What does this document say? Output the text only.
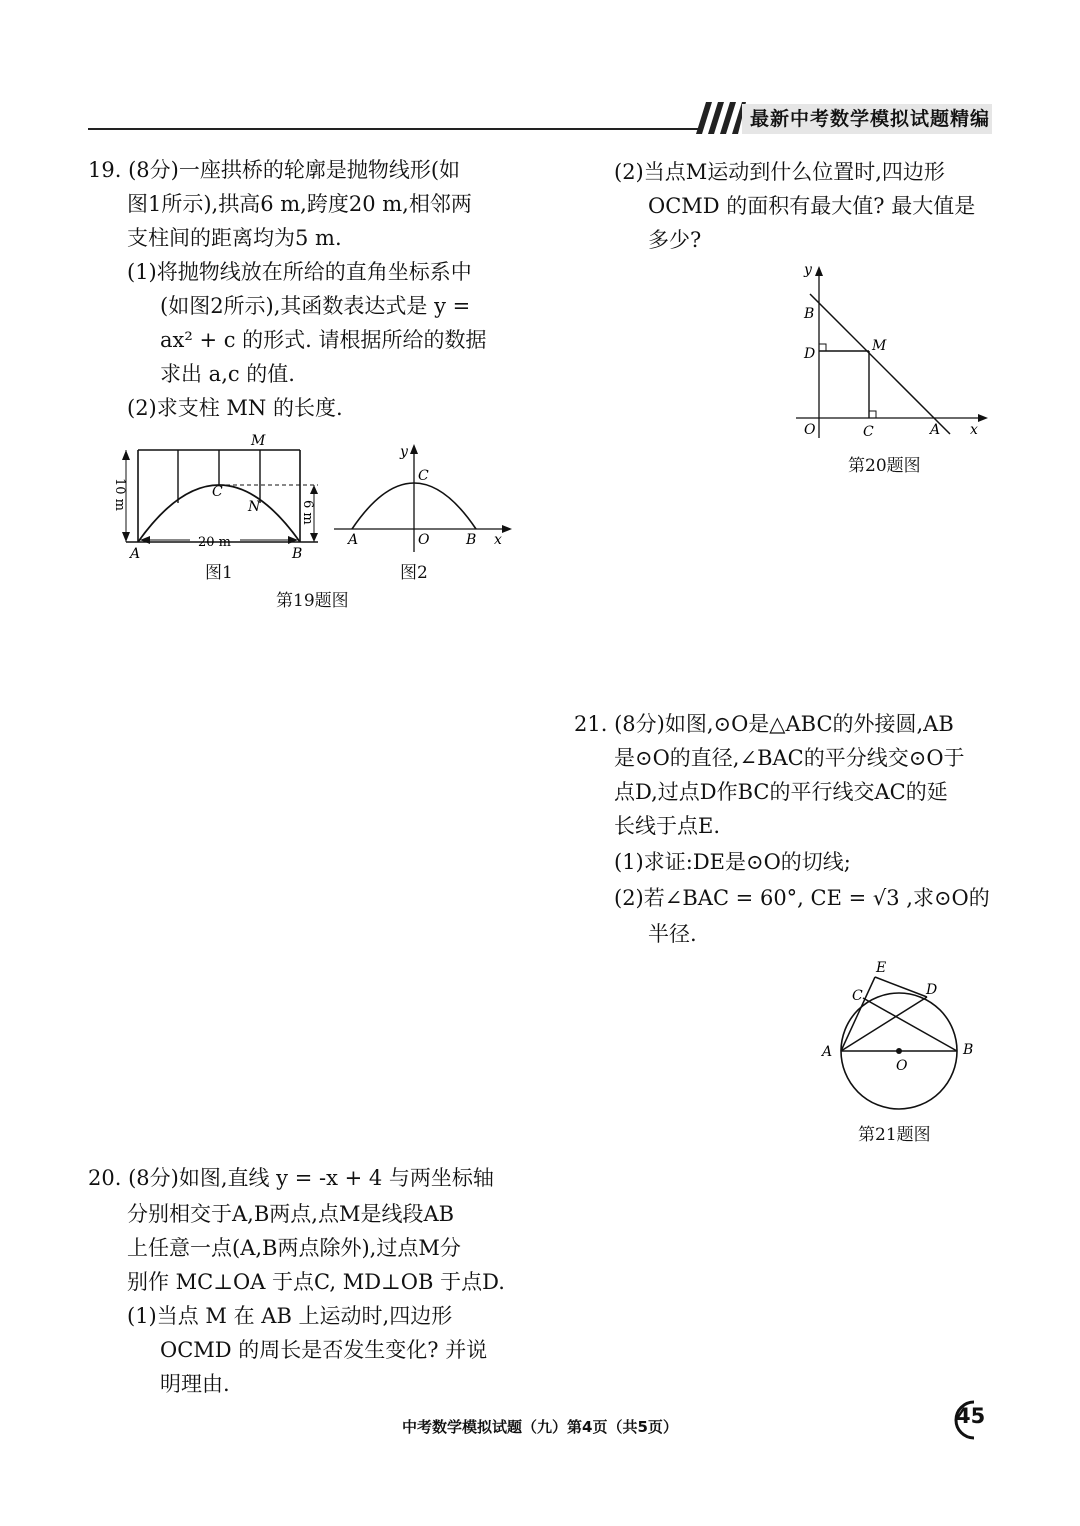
最新中考数学模拟试题精编
19. (8分)一座拱桥的轮廓是抛物线形(如
图1所示),拱高6 m,跨度20 m,相邻两
支柱间的距离均为5 m.
(1)将抛物线放在所给的直角坐标系中
(如图2所示),其函数表达式是 y =
ax² + c 的形式. 请根据所给的数据
求出 a,c 的值.
(2)求支柱 MN 的长度.
M
C
N
A	B
20 m
10 m
6 m
图1
y
C
A	O	B x
图2
第19题图
(2)当点M运动到什么位置时,四边形
OCMD 的面积有最大值? 最大值是
多少?
y
B
D	M
O	C	A x
第20题图
21. (8分)如图,⊙O是△ABC的外接圆,AB
是⊙O的直径,∠BAC的平分线交⊙O于
点D,过点D作BC的平行线交AC的延
长线于点E.
(1)求证:DE是⊙O的切线;
(2)若∠BAC = 60°, CE = √3 ,求⊙O的
半径.
E
D
C
A	B
O
第21题图
20. (8分)如图,直线 y = -x + 4 与两坐标轴
分别相交于A,B两点,点M是线段AB
上任意一点(A,B两点除外),过点M分
别作 MC⊥OA 于点C, MD⊥OB 于点D.
(1)当点 M 在 AB 上运动时,四边形
OCMD 的周长是否发生变化? 并说
明理由.
中考数学模拟试题（九）第4页（共5页）	45
